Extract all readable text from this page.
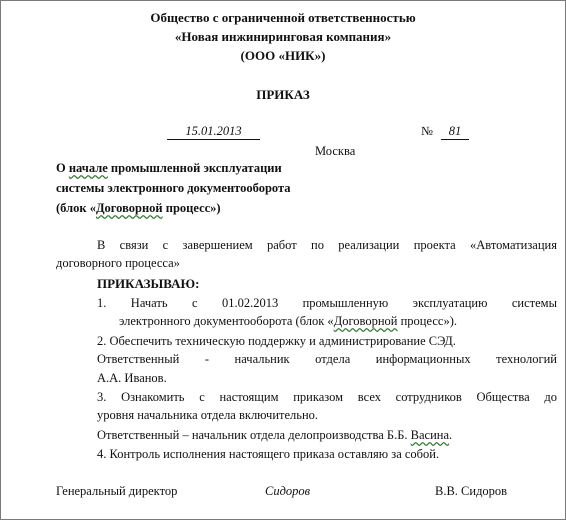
Общество с ограниченной ответственностью
«Новая инжиниринговая компания»
(ООО «НИК»)
ПРИКАЗ
15.01.2013	№	81
Москва
О начале промышленной эксплуатации
системы электронного документооборота
(блок «Договорной процесс»)
В связи с завершением работ по реализации проекта «Автоматизация
договорного процесса»
ПРИКАЗЫВАЮ:
1. Начать с 01.02.2013 промышленную эксплуатацию системы
электронного документооборота (блок «Договорной процесс»).
2. Обеспечить техническую поддержку и администрирование СЭД.
Ответственный - начальник отдела информационных технологий
А.А. Иванов.
3. Ознакомить с настоящим приказом всех сотрудников Общества до
уровня начальника отдела включительно.
Ответственный – начальник отдела делопроизводства Б.Б. Васина.
4. Контроль исполнения настоящего приказа оставляю за собой.
Генеральный директор	Сидоров	В.В. Сидоров
